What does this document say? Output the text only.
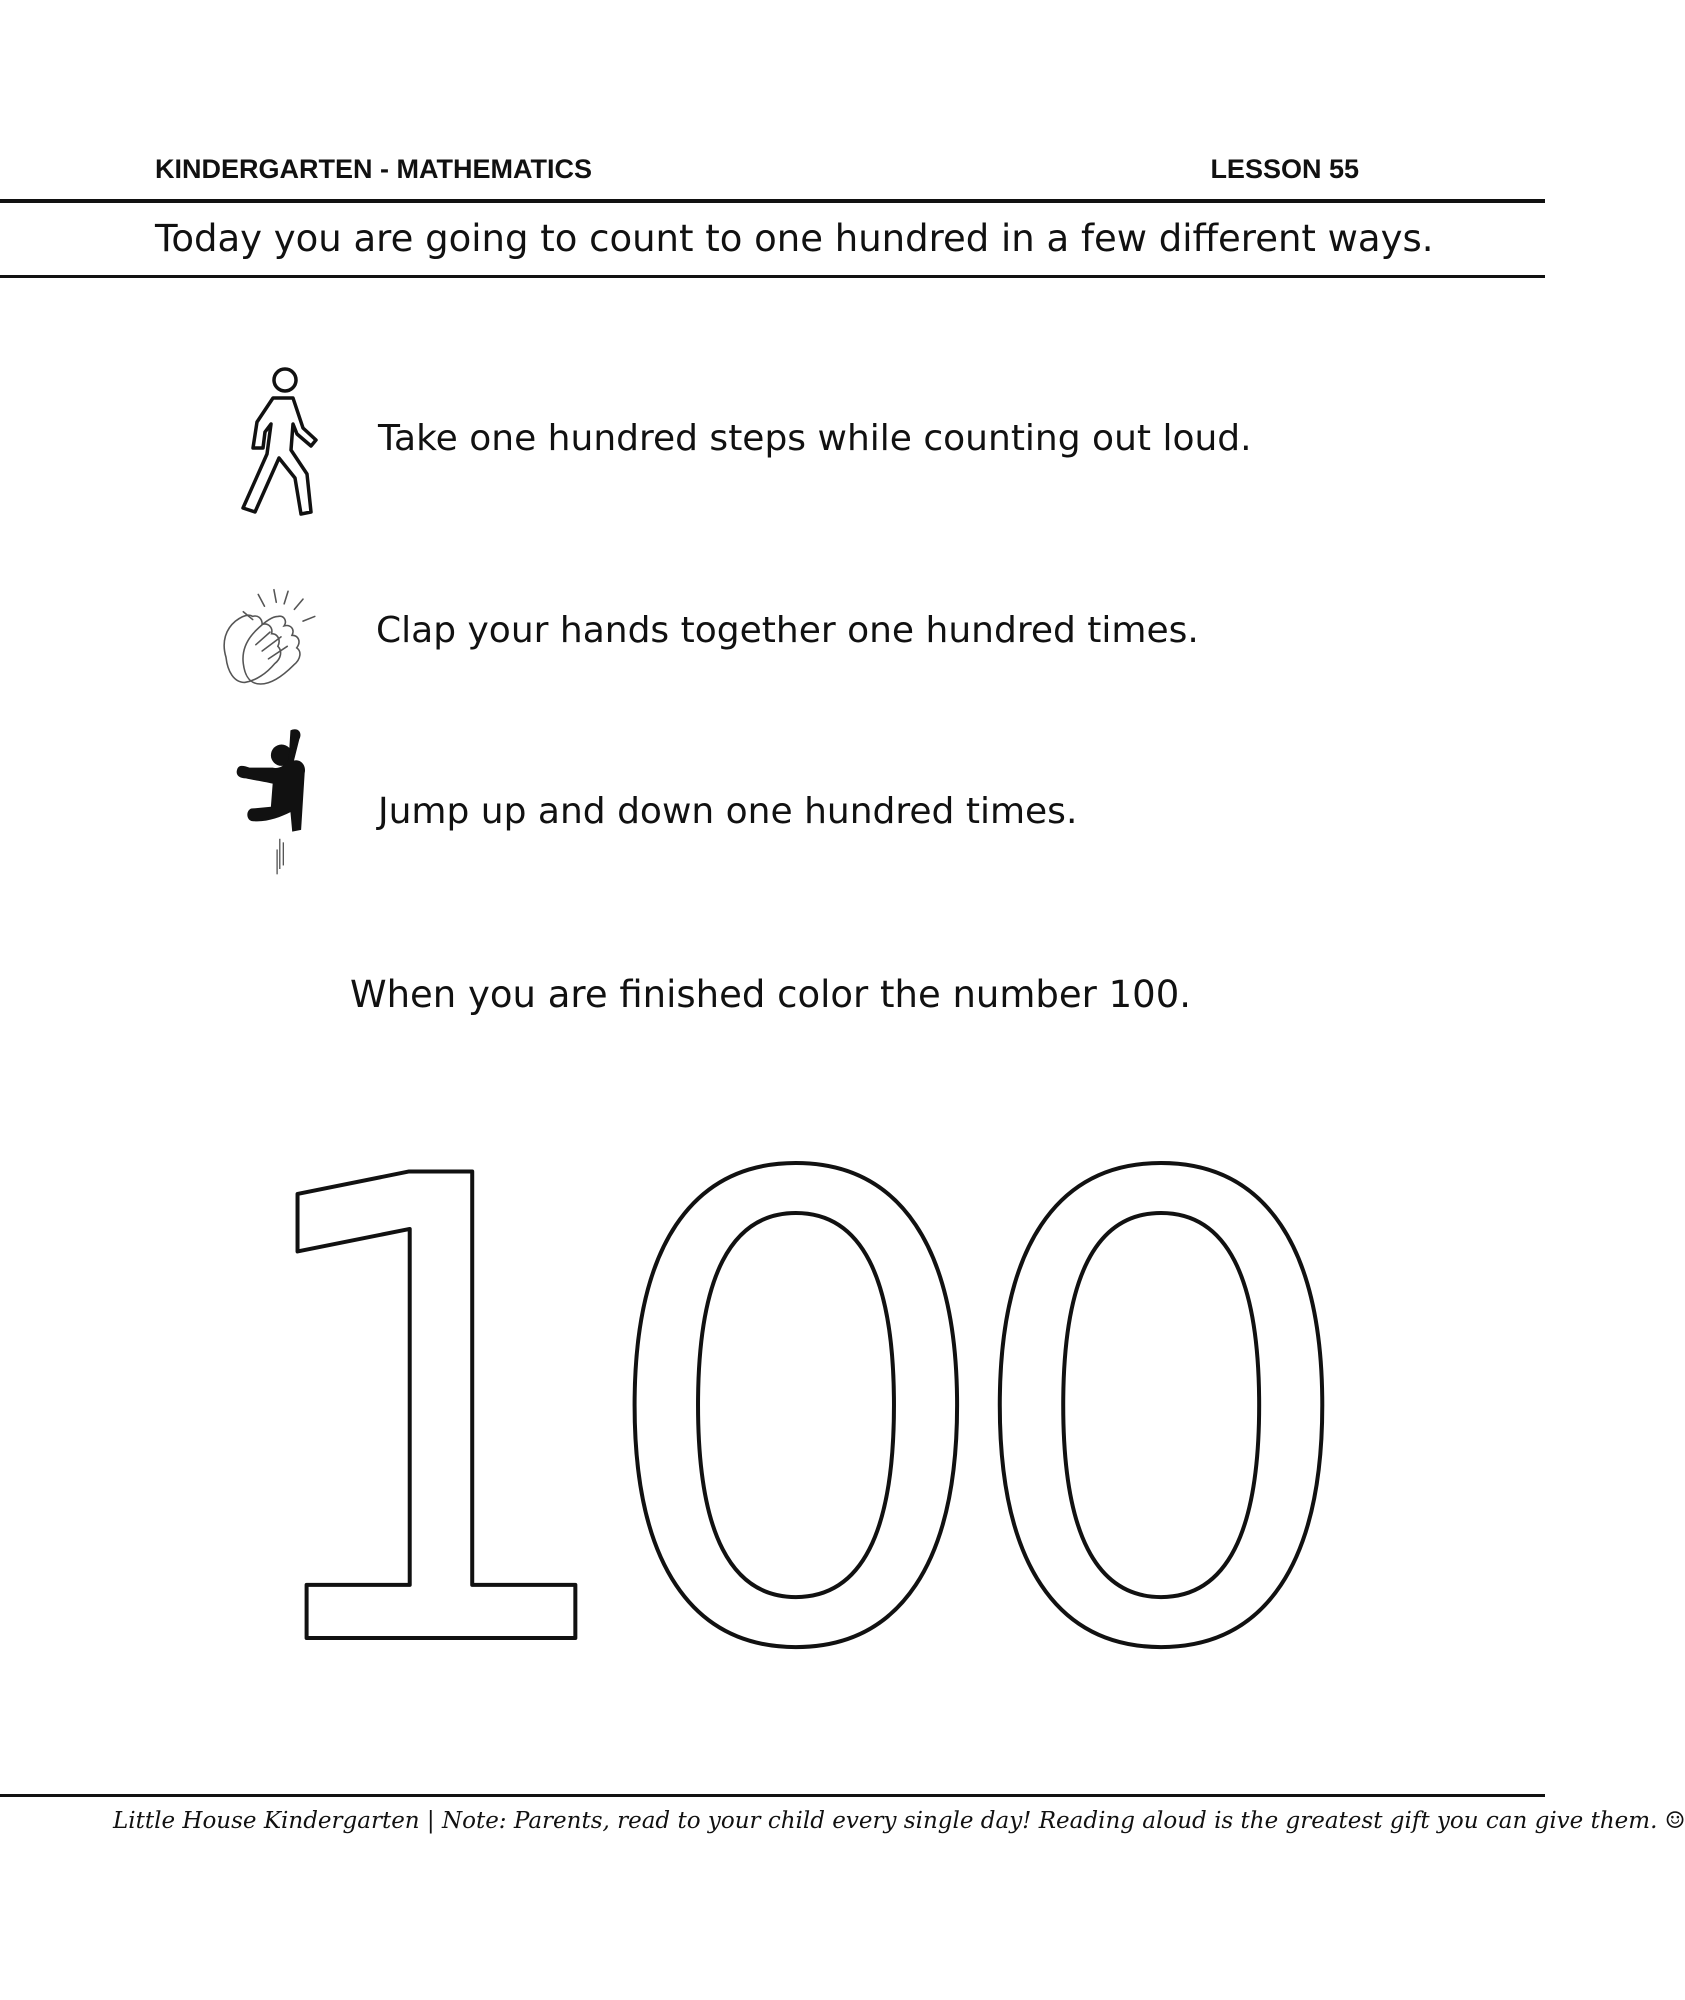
KINDERGARTEN - MATHEMATICS	LESSON 55
Today you are going to count to one hundred in a few different ways.
Take one hundred steps while counting out loud.
Clap your hands together one hundred times.
Jump up and down one hundred times.
When you are finished color the number 100.
100
Little House Kindergarten | Note: Parents, read to your child every single day! Reading aloud is the greatest gift you can give them. ☺
